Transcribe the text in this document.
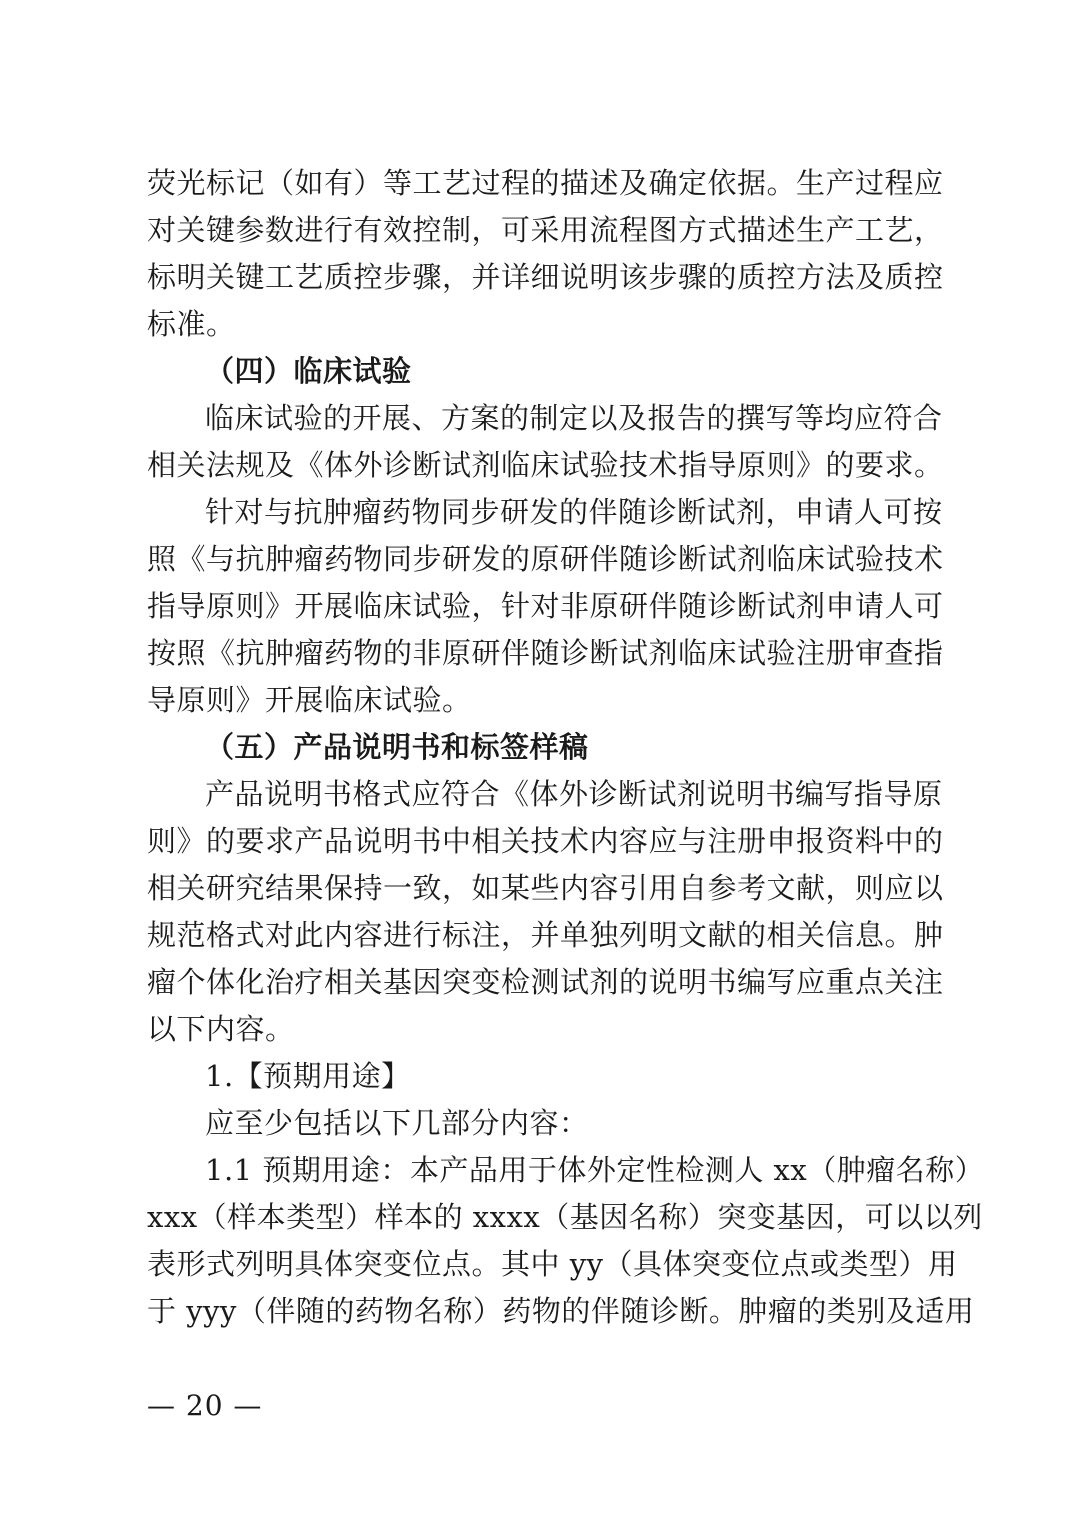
荧光标记（如有）等工艺过程的描述及确定依据。生产过程应
对关键参数进行有效控制，可采用流程图方式描述生产工艺，
标明关键工艺质控步骤，并详细说明该步骤的质控方法及质控
标准。
（四）临床试验
临床试验的开展、方案的制定以及报告的撰写等均应符合
相关法规及《体外诊断试剂临床试验技术指导原则》的要求。
针对与抗肿瘤药物同步研发的伴随诊断试剂，申请人可按
照《与抗肿瘤药物同步研发的原研伴随诊断试剂临床试验技术
指导原则》开展临床试验，针对非原研伴随诊断试剂申请人可
按照《抗肿瘤药物的非原研伴随诊断试剂临床试验注册审查指
导原则》开展临床试验。
（五）产品说明书和标签样稿
产品说明书格式应符合《体外诊断试剂说明书编写指导原
则》的要求产品说明书中相关技术内容应与注册申报资料中的
相关研究结果保持一致，如某些内容引用自参考文献，则应以
规范格式对此内容进行标注，并单独列明文献的相关信息。肿
瘤个体化治疗相关基因突变检测试剂的说明书编写应重点关注
以下内容。
1.【预期用途】
应至少包括以下几部分内容：
1.1 预期用途：本产品用于体外定性检测人 xx（肿瘤名称）
xxx（样本类型）样本的 xxxx（基因名称）突变基因，可以以列
表形式列明具体突变位点。其中 yy（具体突变位点或类型）用
于 yyy（伴随的药物名称）药物的伴随诊断。肿瘤的类别及适用
— 20 —
